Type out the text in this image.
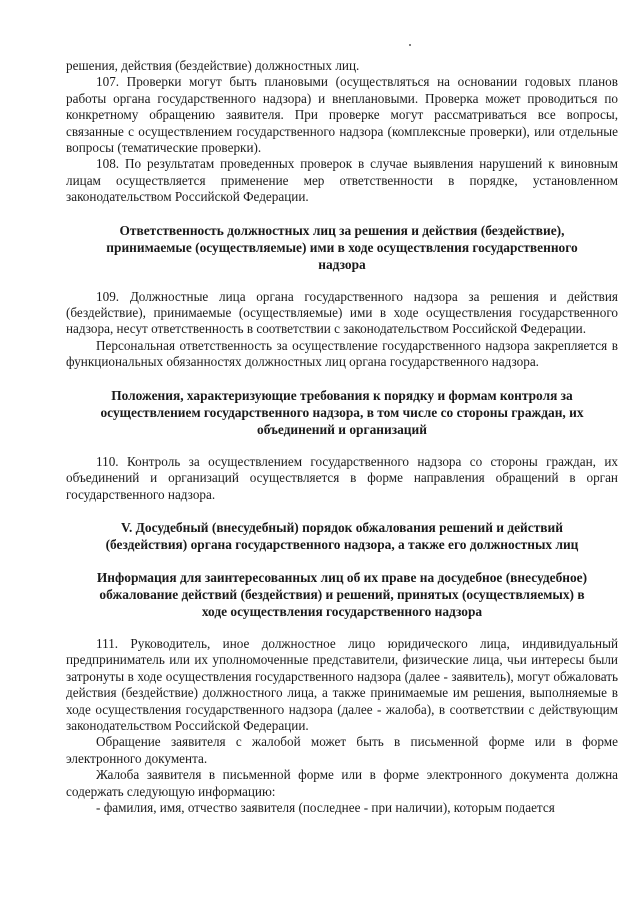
решения, действия (бездействие) должностных лиц.

107. Проверки могут быть плановыми (осуществляться на основании годовых планов работы органа государственного надзора) и внеплановыми. Проверка может проводиться по конкретному обращению заявителя. При проверке могут рассматриваться все вопросы, связанные с осуществлением государственного надзора (комплексные проверки), или отдельные вопросы (тематические проверки).

108. По результатам проведенных проверок в случае выявления нарушений к виновным лицам осуществляется применение мер ответственности в порядке, установленном законодательством Российской Федерации.

Ответственность должностных лиц за решения и действия (бездействие), принимаемые (осуществляемые) ими в ходе осуществления государственного надзора

109. Должностные лица органа государственного надзора за решения и действия (бездействие), принимаемые (осуществляемые) ими в ходе осуществления государственного надзора, несут ответственность в соответствии с законодательством Российской Федерации.

Персональная ответственность за осуществление государственного надзора закрепляется в функциональных обязанностях должностных лиц органа государственного надзора.

Положения, характеризующие требования к порядку и формам контроля за осуществлением государственного надзора, в том числе со стороны граждан, их объединений и организаций

110. Контроль за осуществлением государственного надзора со стороны граждан, их объединений и организаций осуществляется в форме направления обращений в орган государственного надзора.

V. Досудебный (внесудебный) порядок обжалования решений и действий (бездействия) органа государственного надзора, а также его должностных лиц

Информация для заинтересованных лиц об их праве на досудебное (внесудебное) обжалование действий (бездействия) и решений, принятых (осуществляемых) в ходе осуществления государственного надзора

111. Руководитель, иное должностное лицо юридического лица, индивидуальный предприниматель или их уполномоченные представители, физические лица, чьи интересы были затронуты в ходе осуществления государственного надзора (далее - заявитель), могут обжаловать действия (бездействие) должностного лица, а также принимаемые им решения, выполняемые в ходе осуществления государственного надзора (далее - жалоба), в соответствии с действующим законодательством Российской Федерации.

Обращение заявителя с жалобой может быть в письменной форме или в форме электронного документа.

Жалоба заявителя в письменной форме или в форме электронного документа должна содержать следующую информацию:

- фамилия, имя, отчество заявителя (последнее - при наличии), которым подается
